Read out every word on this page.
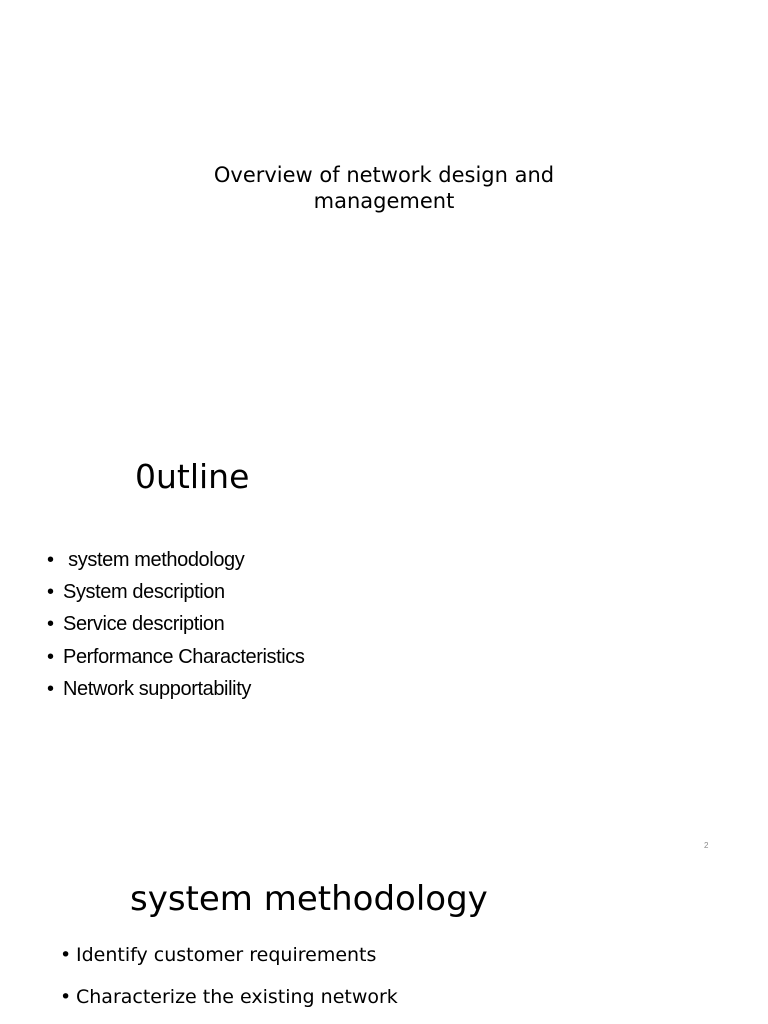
Overview of network design and
management
0utline
• system methodology
• System description
• Service description
• Performance Characteristics
• Network supportability
2
system methodology
• Identify customer requirements
• Characterize the existing network
